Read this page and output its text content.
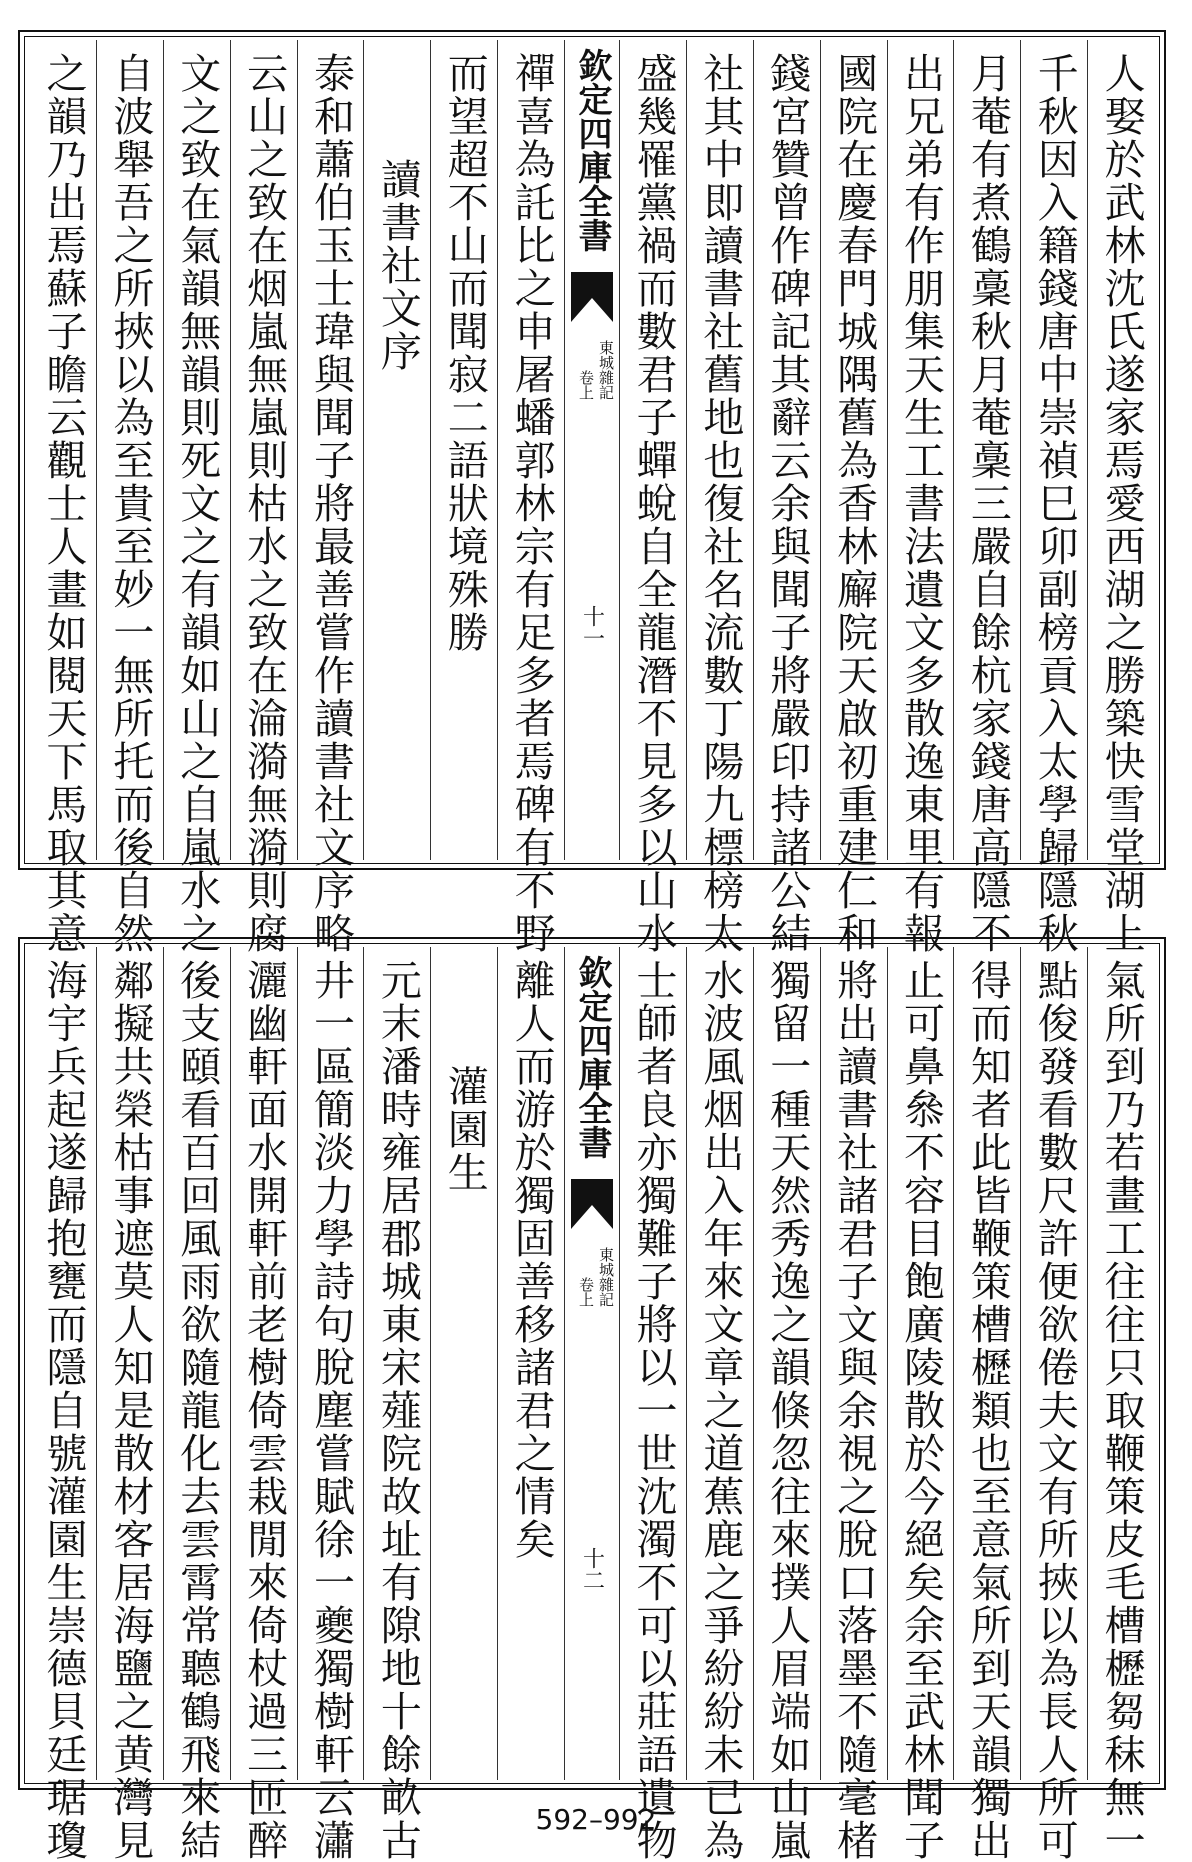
人娶於武林沈氏遂家焉愛西湖之勝築快雪堂湖上
千秋因入籍錢唐中崇禎巳卯副榜貢入太學歸隱秋
月菴有煮鶴稾秋月菴稾三嚴自餘杭家錢唐高隱不
出兄弟有作朋集天生工書法遺文多散逸東里有報
國院在慶春門城隅舊為香林廨院天啟初重建仁和
錢宮贊曾作碑記其辭云余與聞子將嚴印持諸公結
社其中即讀書社舊地也復社名流數丁陽九標榜太
盛幾罹黨禍而數君子蟬蛻自全龍潛不見多以山水
欽定四庫全書
東城雜記
卷上
十一
禪喜為託比之申屠蟠郭林宗有足多者焉碑有不野
而望超不山而聞寂二語狀境殊勝
讀書社文序
泰和蕭伯玉士瑋與聞子將最善嘗作讀書社文序略
云山之致在烟嵐無嵐則枯水之致在淪漪無漪則腐
文之致在氣韻無韻則死文之有韻如山之自嵐水之
自波舉吾之所挾以為至貴至妙一無所托而後自然
之韻乃出焉蘇子瞻云觀士人畫如閱天下馬取其意
氣所到乃若畫工往往只取鞭策皮毛槽櫪芻秣無一
點俊發看數尺許便欲倦夫文有所挾以為長人所可
得而知者此皆鞭策槽櫪類也至意氣所到天韻獨出
止可鼻叅不容目飽廣陵散於今絕矣余至武林聞子
將出讀書社諸君子文與余視之脫口落墨不隨毫楮
獨留一種天然秀逸之韻倏忽往來撲人眉端如山嵐
水波風烟出入年來文章之道蕉鹿之爭紛紛未已為
士師者良亦獨難子將以一世沈濁不可以莊語遺物
欽定四庫全書
東城雜記
卷上
十二
離人而游於獨固善移諸君之情矣
灌園生
元末潘時雍居郡城東宋薤院故址有隙地十餘畝古
井一區簡淡力學詩句脫塵嘗賦徐一夔獨樹軒云瀟
灑幽軒面水開軒前老樹倚雲栽閒來倚杖過三匝醉
後支頤看百回風雨欲隨龍化去雲霄常聽鶴飛來結
鄰擬共榮枯事遮莫人知是散材客居海鹽之黄灣見
海宇兵起遂歸抱甕而隱自號灌園生崇德貝廷琚瓊	592–992
